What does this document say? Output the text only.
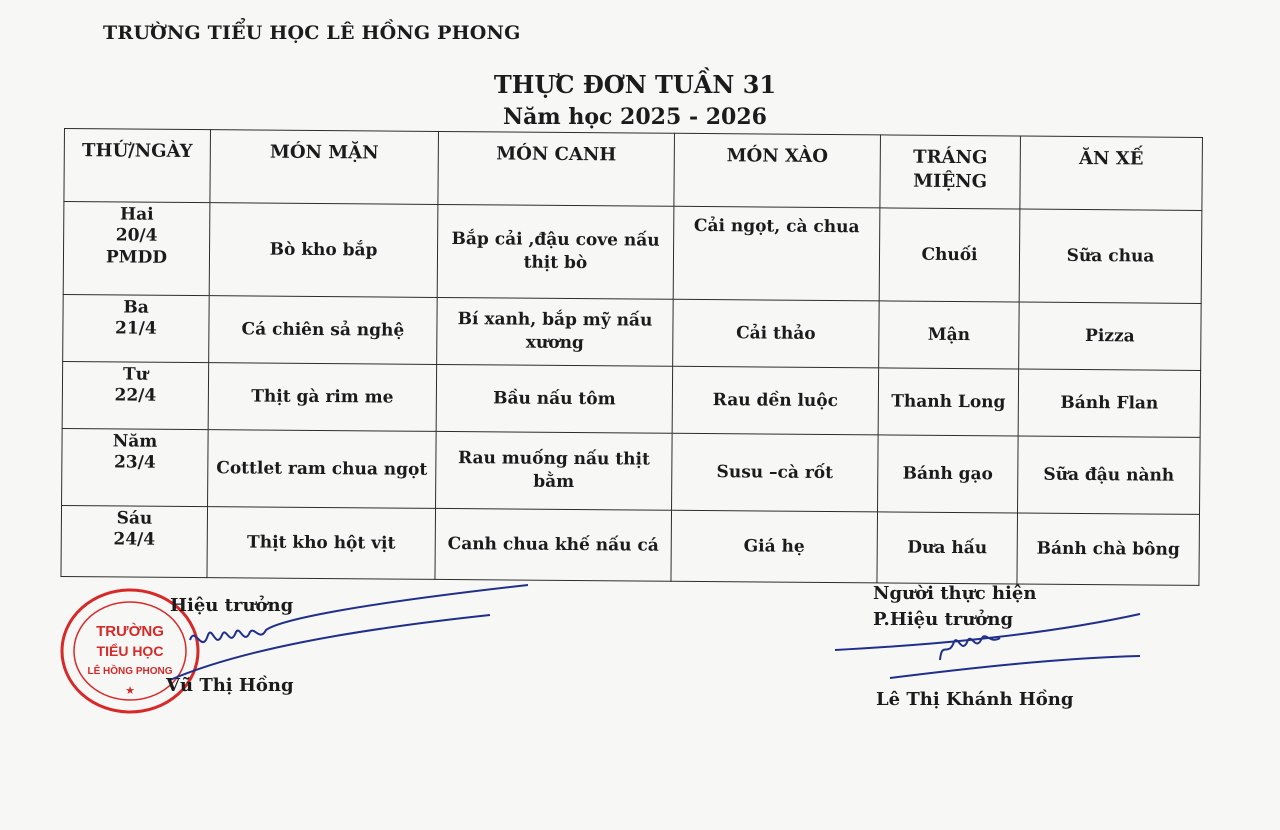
TRƯỜNG TIỂU HỌC LÊ HỒNG PHONG
THỰC ĐƠN TUẦN 31
Năm học 2025 - 2026
THỨ/NGÀY	MÓN MẶN	MÓN CANH	MÓN XÀO	TRÁNG MIỆNG	ĂN XẾ

Hai
20/4
PMDD	Bò kho bắp	Bắp cải ,đậu cove nấu thịt bò	Cải ngọt, cà chua	Chuối	Sữa chua

Ba
21/4	Cá chiên sả nghệ	Bí xanh, bắp mỹ nấu xương	Cải thảo	Mận	Pizza

Tư
22/4	Thịt gà rim me	Bầu nấu tôm	Rau dền luộc	Thanh Long	Bánh Flan

Năm
23/4	Cottlet ram chua ngọt	Rau muống nấu thịt bằm	Susu –cà rốt	Bánh gạo	Sữa đậu nành

Sáu
24/4	Thịt kho hột vịt	Canh chua khế nấu cá	Giá hẹ	Dưa hấu	Bánh chà bông
TRƯỜNG
TIỂU HỌC
LÊ HỒNG PHONG
★
Hiệu trưởng
Vũ Thị Hồng
Người thực hiện
P.Hiệu trưởng
Lê Thị Khánh Hồng
